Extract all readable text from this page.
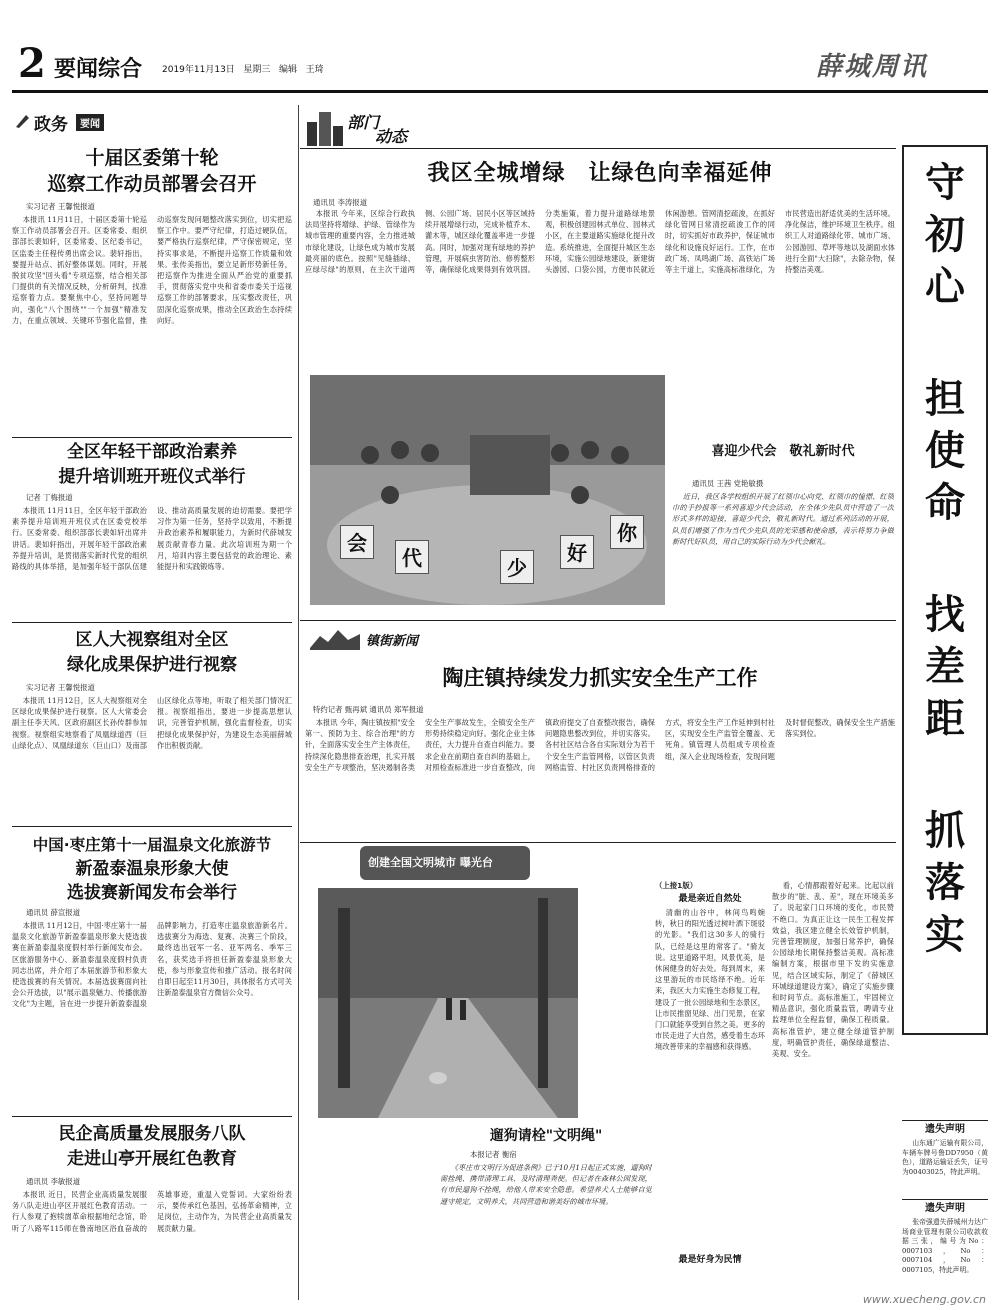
2 要闻综合 2019年11月13日 星期三 编辑 王琦	薛城周讯
政务	要闻
十届区委第十轮
巡察工作动员部署会召开
实习记者 王馨悦报道

本报讯 11月11日，十届区委第十轮巡察工作动员部署会召开。区委常委、组织部部长裴如轩，区委常委、区纪委书记，区监委主任程传勇出席会议。裴轩指出，要提升站点、抓好整体谋划。同时，开展脱贫攻坚"回头看"专项巡察，结合相关部门提供的有关情况反映，分析研判，找准巡察着力点。要聚焦中心，坚持问题导向，强化"八个围绕""一个加强"精准发力，在重点领域、关键环节强化监督，推动巡察发现问题整改落实到位，切实把巡察工作中。要严守纪律，打造过硬队伍，要严格执行巡察纪律，严守保密规定，坚持实事求是，不断提升巡察工作质量和效果。张传美指出，要立足新形势新任务，把巡察作为推进全面从严治党的重要抓手，贯彻落实党中央和省委市委关于巡视巡察工作的部署要求，压实整改责任，巩固深化巡察成果，推动全区政治生态持续向好。

全区年轻干部政治素养
提升培训班开班仪式举行
记者 丁梅报道

本报讯 11月11日，全区年轻干部政治素养提升培训班开班仪式在区委党校举行。区委常委、组织部部长裴如轩出席并讲话。裴如轩指出，开展年轻干部政治素养提升培训，是贯彻落实新时代党的组织路线的具体举措，是加强年轻干部队伍建设、推动高质量发展的迫切需要。要把学习作为第一任务，坚持学以致用，不断提升政治素养和履职能力，为新时代薛城发展贡献青春力量。此次培训班为期一个月，培训内容主要包括党的政治理论、素能提升和实践锻炼等。

区人大视察组对全区
绿化成果保护进行视察
实习记者 王馨悦报道

本报讯 11月12日，区人大视察组对全区绿化成果保护进行视察。区人大常委会副主任李天风、区政府副区长孙传群参加视察。视察组实地察看了凤凰绿道西（巨山绿化点）、凤凰绿道东（巨山口）及南部山区绿化点等地，听取了相关部门情况汇报。视察组指出，要进一步提高思想认识，完善管护机制，强化监督检查，切实把绿化成果保护好，为建设生态美丽薛城作出积极贡献。

中国·枣庄第十一届温泉文化旅游节
新盈泰温泉形象大使
选拔赛新闻发布会举行
通讯员 薛宣报道

本报讯 11月12日，中国·枣庄第十一届温泉文化旅游节新盈泰温泉形象大使选拔赛在新盈泰温泉度假村举行新闻发布会。区旅游服务中心、新盈泰温泉度假村负责同志出席，并介绍了本届旅游节和形象大使选拔赛的有关情况。本届选拔赛面向社会公开选拔，以"展示温泉魅力、传播旅游文化"为主题，旨在进一步提升新盈泰温泉品牌影响力，打造枣庄温泉旅游新名片。选拔赛分为海选、复赛、决赛三个阶段，最终选出冠军一名、亚军两名、季军三名，获奖选手将担任新盈泰温泉形象大使，参与形象宣传和推广活动。报名时间自即日起至11月30日，具体报名方式可关注新盈泰温泉官方微信公众号。

民企高质量发展服务八队
走进山亭开展红色教育
通讯员 李敏报道

本报讯 近日，民营企业高质量发展服务八队走进山亭区开展红色教育活动。一行人参观了抱犊崮革命根据地纪念馆，聆听了八路军115师在鲁南地区浴血奋战的英雄事迹，重温入党誓词。大家纷纷表示，要传承红色基因，弘扬革命精神，立足岗位，主动作为，为民营企业高质量发展贡献力量。

部门
动态
我区全城增绿　让绿色向幸福延伸
通讯员 李涛报道

本报讯 今年来，区综合行政执法局坚持将增绿、护绿、管绿作为城市管理的重要内容，全力推进城市绿化建设，让绿色成为城市发展最亮丽的底色。按照"见缝插绿、应绿尽绿"的原则，在主次干道两侧、公园广场、居民小区等区域持续开展增绿行动，完成补植乔木、灌木等，城区绿化覆盖率进一步提高。同时，加强对现有绿地的养护管理，开展病虫害防治、修剪整形等，确保绿化成果得到有效巩固。分类施策，着力提升道路绿地景观，积极创建园林式单位、园林式小区，在主要道路实施绿化提升改造。系统推进，全面提升城区生态环境，实施公园绿地建设，新建街头游园、口袋公园，方便市民就近休闲游憩。管网清挖疏浚，在抓好绿化管网日常清挖疏浚工作的同时，切实抓好市政养护，保证城市绿化和设施良好运行。工作，在市政广场、凤鸣湖广场、高铁站广场等主干道上，实施高标准绿化，为市民营造出舒适优美的生活环境。净化保洁，维护环境卫生秩序。组织工人对道路绿化带、城市广场、公园游园、草坪等地以及湖面水体进行全面"大扫除"，去除杂物，保持整洁美观。

会
代	少
好
你
喜迎少代会　敬礼新时代
通讯员 王茜 党艳敏摄

近日，我区各学校组织开展了红领巾心向党、红领巾的憧憬、红领巾的手抄报等一系列喜迎少代会活动，在全体少先队员中营造了一次形式多样的迎接，喜迎少代会，敬礼新时代。通过系列活动的开展，队员们增强了作为当代少先队员的光荣感和使命感，表示将努力争做新时代好队员，用自己的实际行动为少代会献礼。

镇街新闻
陶庄镇持续发力抓实安全生产工作
特约记者 甄再斌 通讯员 郑军报道

本报讯 今年，陶庄镇按照"安全第一、预防为主、综合治理"的方针，全面落实安全生产主体责任，持续深化隐患排查治理，扎实开展安全生产专项整治，坚决遏制各类安全生产事故发生，全镇安全生产形势持续稳定向好。强化企业主体责任，大力提升自查自纠能力。要求企业在前期自查自纠的基础上，对照检查标准进一步自查整改，向镇政府提交了自查整改报告，确保问题隐患整改到位，并切实落实。各村社区结合各自实际划分为若干个安全生产监管网格，以管区负责网格监管、村社区负责网格排查的方式，将安全生产工作延伸到村社区，实现安全生产监管全覆盖、无死角。镇管理人员组成专项检查组，深入企业现场检查，发现问题及时督促整改，确保安全生产措施落实到位。

创建全国文明城市 曝光台
遛狗请栓"文明绳"
本报记者 衡宿

《枣庄市文明行为促进条例》已于10月1日起正式实施，遛狗时需拴绳、携带清理工具、及时清理粪便。但记者在森林公园发现，有市民遛狗不拴绳，给他人带来安全隐患。希望养犬人士能够自觉遵守规定，文明养犬，共同营造和谐美好的城市环境。

（上接1版）
最是亲近自然处

清幽的山谷中，林间鸟鸣婉转，秋日的阳光透过树叶洒下斑驳的光影。"我们这30多人的骑行队，已经是这里的常客了。"骑友说。这里道路平坦，风景优美，是休闲健身的好去处。每到周末，来这里游玩的市民络绎不绝。近年来，我区大力实施生态修复工程，建设了一批公园绿地和生态景区，让市民推窗见绿、出门见景，在家门口就能享受到自然之美。更多的市民走进了大自然，感受着生态环境改善带来的幸福感和获得感。

最是好身为民情

看，心情都跟着好起来。比起以前散步的"脏、乱、差"，现在环境美多了。说起家门口环境的变化，市民赞不绝口。为真正让这一民生工程发挥效益，我区建立健全长效管护机制，完善管理制度，加强日常养护，确保公园绿地长期保持整洁美观。高标准编制方案，根据市里下发的实施意见，结合区域实际，制定了《薛城区环城绿道建设方案》，确定了实施步骤和时间节点。高标准施工，牢固树立精品意识，强化质量监管，聘请专业监理单位全程监督，确保工程质量。高标准管护，建立健全绿道管护制度，明确管护责任，确保绿道整洁、美观、安全。

守
初
心
担
使
命
找
差
距
抓
落
实
遗失声明

山东通广运输有限公司，车辆车牌号鲁DD7950（黄色），道路运输证丢失，证号为00403025，特此声明。

遗失声明

张帝强遗失薛城州力达广场商业管理有限公司收款收据三张，编号为No：0007103，No：0007104，No：0007105，特此声明。

www.xuecheng.gov.cn
